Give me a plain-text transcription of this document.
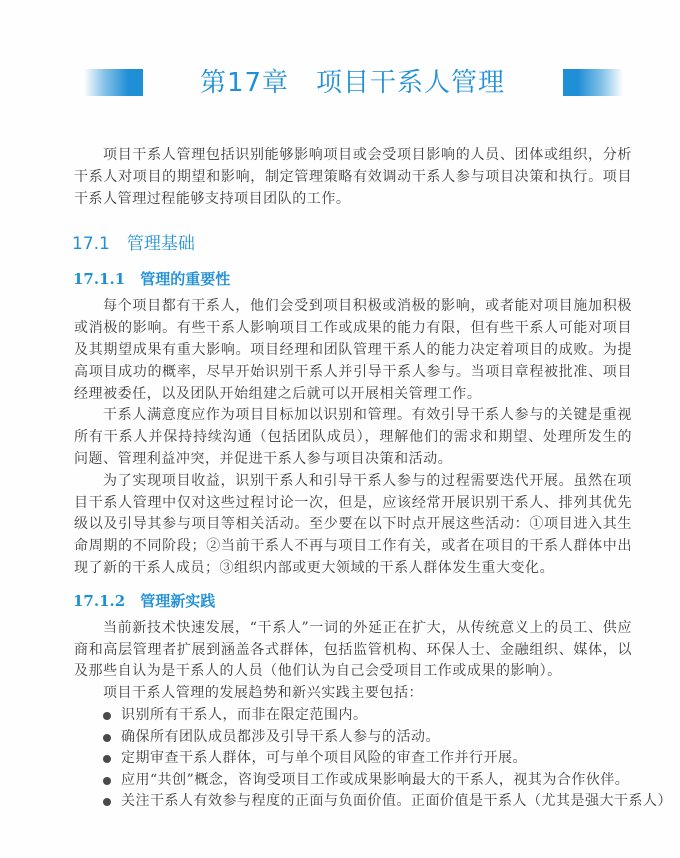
第17章　项目干系人管理

项目干系人管理包括识别能够影响项目或会受项目影响的人员、团体或组织，分析干系人对项目的期望和影响，制定管理策略有效调动干系人参与项目决策和执行。项目干系人管理过程能够支持项目团队的工作。

17.1　管理基础
17.1.1　管理的重要性

每个项目都有干系人，他们会受到项目积极或消极的影响，或者能对项目施加积极或消极的影响。有些干系人影响项目工作或成果的能力有限，但有些干系人可能对项目及其期望成果有重大影响。项目经理和团队管理干系人的能力决定着项目的成败。为提高项目成功的概率，尽早开始识别干系人并引导干系人参与。当项目章程被批准、项目经理被委任，以及团队开始组建之后就可以开展相关管理工作。

干系人满意度应作为项目目标加以识别和管理。有效引导干系人参与的关键是重视所有干系人并保持持续沟通（包括团队成员），理解他们的需求和期望、处理所发生的问题、管理利益冲突，并促进干系人参与项目决策和活动。

为了实现项目收益，识别干系人和引导干系人参与的过程需要迭代开展。虽然在项目干系人管理中仅对这些过程讨论一次，但是，应该经常开展识别干系人、排列其优先级以及引导其参与项目等相关活动。至少要在以下时点开展这些活动：①项目进入其生命周期的不同阶段；②当前干系人不再与项目工作有关，或者在项目的干系人群体中出现了新的干系人成员；③组织内部或更大领域的干系人群体发生重大变化。

17.1.2　管理新实践

当前新技术快速发展，“干系人”一词的外延正在扩大，从传统意义上的员工、供应商和高层管理者扩展到涵盖各式群体，包括监管机构、环保人士、金融组织、媒体，以及那些自认为是干系人的人员（他们认为自己会受项目工作或成果的影响）。

项目干系人管理的发展趋势和新兴实践主要包括：

识别所有干系人，而非在限定范围内。
确保所有团队成员都涉及引导干系人参与的活动。
定期审查干系人群体，可与单个项目风险的审查工作并行开展。
应用“共创”概念，咨询受项目工作或成果影响最大的干系人，视其为合作伙伴。
关注干系人有效参与程度的正面与负面价值。正面价值是干系人（尤其是强大干系人）
